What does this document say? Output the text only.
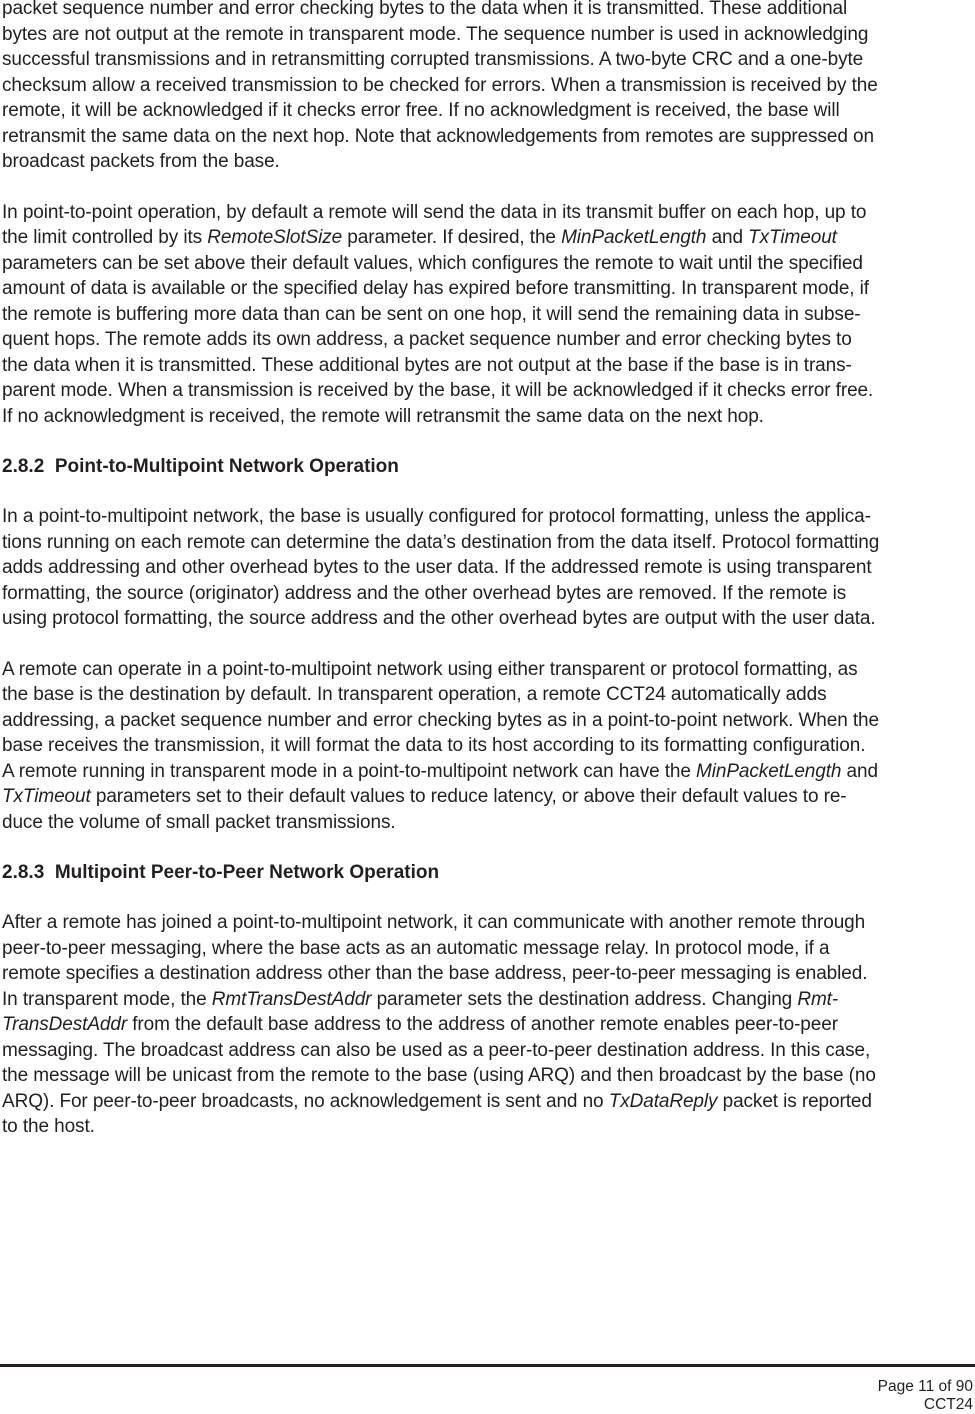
packet sequence number and error checking bytes to the data when it is transmitted. These additional
bytes are not output at the remote in transparent mode. The sequence number is used in acknowledging
successful transmissions and in retransmitting corrupted transmissions. A two-byte CRC and a one-byte
checksum allow a received transmission to be checked for errors. When a transmission is received by the
remote, it will be acknowledged if it checks error free. If no acknowledgment is received, the base will
retransmit the same data on the next hop. Note that acknowledgements from remotes are suppressed on
broadcast packets from the base.

In point-to-point operation, by default a remote will send the data in its transmit buffer on each hop, up to
the limit controlled by its RemoteSlotSize parameter. If desired, the MinPacketLength and TxTimeout
parameters can be set above their default values, which configures the remote to wait until the specified
amount of data is available or the specified delay has expired before transmitting. In transparent mode, if
the remote is buffering more data than can be sent on one hop, it will send the remaining data in subse-
quent hops. The remote adds its own address, a packet sequence number and error checking bytes to
the data when it is transmitted. These additional bytes are not output at the base if the base is in trans-
parent mode. When a transmission is received by the base, it will be acknowledged if it checks error free.
If no acknowledgment is received, the remote will retransmit the same data on the next hop.

2.8.2 Point-to-Multipoint Network Operation

In a point-to-multipoint network, the base is usually configured for protocol formatting, unless the applica-
tions running on each remote can determine the data’s destination from the data itself. Protocol formatting
adds addressing and other overhead bytes to the user data. If the addressed remote is using transparent
formatting, the source (originator) address and the other overhead bytes are removed. If the remote is
using protocol formatting, the source address and the other overhead bytes are output with the user data.

A remote can operate in a point-to-multipoint network using either transparent or protocol formatting, as
the base is the destination by default. In transparent operation, a remote CCT24 automatically adds
addressing, a packet sequence number and error checking bytes as in a point-to-point network. When the
base receives the transmission, it will format the data to its host according to its formatting configuration.
A remote running in transparent mode in a point-to-multipoint network can have the MinPacketLength and
TxTimeout parameters set to their default values to reduce latency, or above their default values to re-
duce the volume of small packet transmissions.

2.8.3 Multipoint Peer-to-Peer Network Operation

After a remote has joined a point-to-multipoint network, it can communicate with another remote through
peer-to-peer messaging, where the base acts as an automatic message relay. In protocol mode, if a
remote specifies a destination address other than the base address, peer-to-peer messaging is enabled.
In transparent mode, the RmtTransDestAddr parameter sets the destination address. Changing Rmt-
TransDestAddr from the default base address to the address of another remote enables peer-to-peer
messaging. The broadcast address can also be used as a peer-to-peer destination address. In this case,
the message will be unicast from the remote to the base (using ARQ) and then broadcast by the base (no
ARQ). For peer-to-peer broadcasts, no acknowledgement is sent and no TxDataReply packet is reported
to the host.

Page 11 of 90
CCT24
